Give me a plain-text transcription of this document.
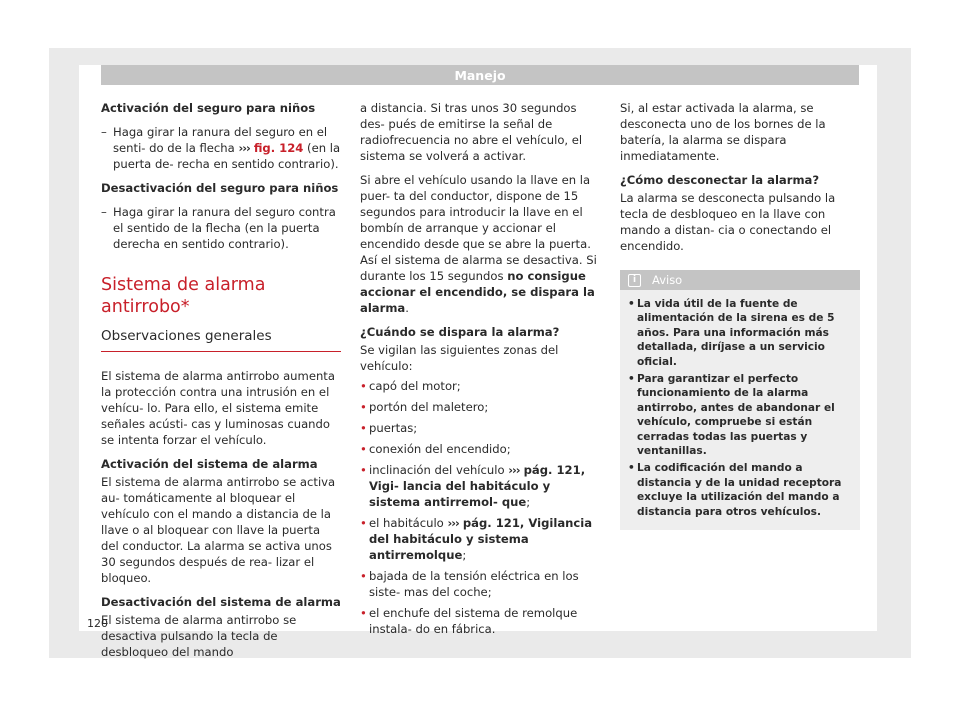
Manejo

Activación del seguro para niños

– Haga girar la ranura del seguro en el senti- do de la flecha ››› fig. 124 (en la puerta de- recha en sentido contrario).

Desactivación del seguro para niños

– Haga girar la ranura del seguro contra el sentido de la flecha (en la puerta derecha en sentido contrario).
Sistema de alarma antirrobo*
Observaciones generales

El sistema de alarma antirrobo aumenta la protección contra una intrusión en el vehícu- lo. Para ello, el sistema emite señales acústi- cas y luminosas cuando se intenta forzar el vehículo.

Activación del sistema de alarma

El sistema de alarma antirrobo se activa au- tomáticamente al bloquear el vehículo con el mando a distancia de la llave o al bloquear con llave la puerta del conductor. La alarma se activa unos 30 segundos después de rea- lizar el bloqueo.

Desactivación del sistema de alarma

El sistema de alarma antirrobo se desactiva pulsando la tecla de desbloqueo del mando

a distancia. Si tras unos 30 segundos des- pués de emitirse la señal de radiofrecuencia no abre el vehículo, el sistema se volverá a activar.

Si abre el vehículo usando la llave en la puer- ta del conductor, dispone de 15 segundos para introducir la llave en el bombín de arranque y accionar el encendido desde que se abre la puerta. Así el sistema de alarma se desactiva. Si durante los 15 segundos no consigue accionar el encendido, se dispara la alarma.

¿Cuándo se dispara la alarma?

Se vigilan las siguientes zonas del vehículo:

• capó del motor;
• portón del maletero;
• puertas;
• conexión del encendido;
• inclinación del vehículo ››› pág. 121, Vigi- lancia del habitáculo y sistema antirremol- que;
• el habitáculo ››› pág. 121, Vigilancia del habitáculo y sistema antirremolque;
• bajada de la tensión eléctrica en los siste- mas del coche;
• el enchufe del sistema de remolque instala- do en fábrica.

Si, al estar activada la alarma, se desconecta uno de los bornes de la batería, la alarma se dispara inmediatamente.

¿Cómo desconectar la alarma?

La alarma se desconecta pulsando la tecla de desbloqueo en la llave con mando a distan- cia o conectando el encendido.

i	Aviso
• La vida útil de la fuente de alimentación de la sirena es de 5 años. Para una información más detallada, diríjase a un servicio oficial.
• Para garantizar el perfecto funcionamiento de la alarma antirrobo, antes de abandonar el vehículo, compruebe si están cerradas todas las puertas y ventanillas.
• La codificación del mando a distancia y de la unidad receptora excluye la utilización del mando a distancia para otros vehículos.
120
